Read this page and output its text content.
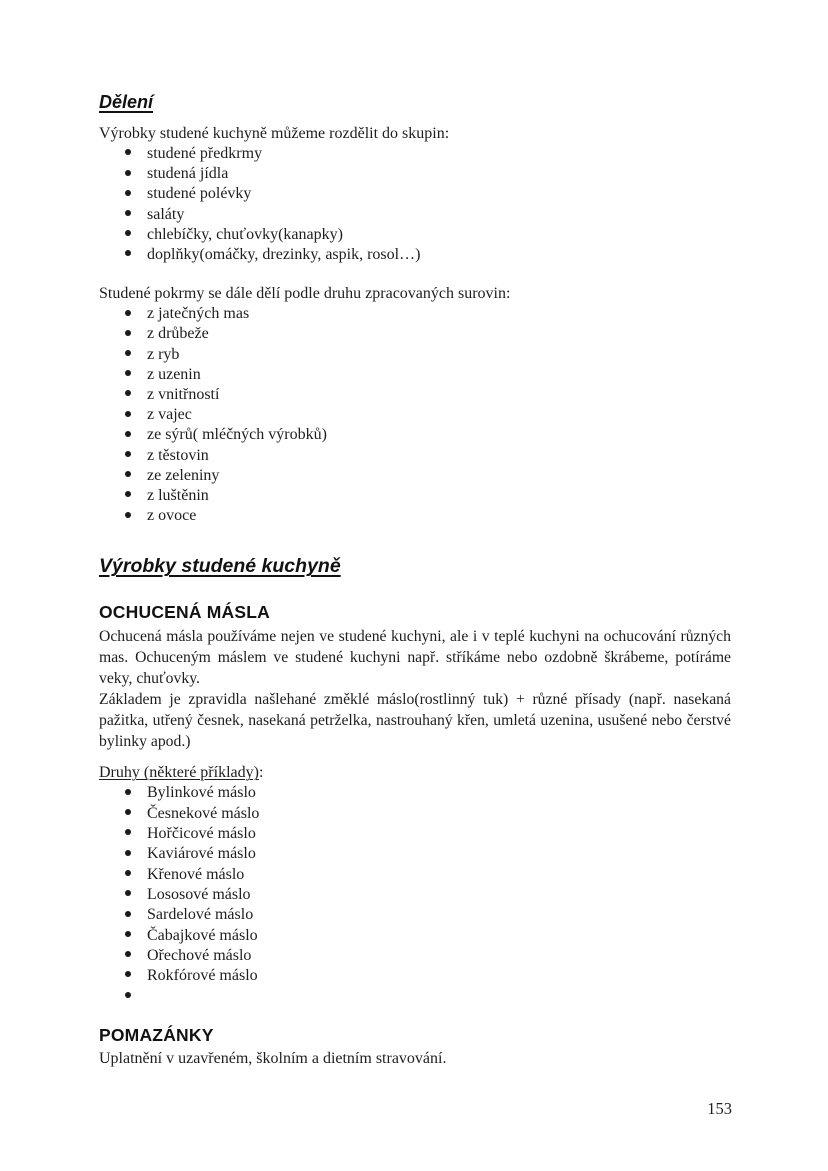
Dělení

Výrobky studené kuchyně můžeme rozdělit do skupin:

studené předkrmy
studená jídla
studené polévky
saláty
chlebíčky, chuťovky(kanapky)
doplňky(omáčky, drezinky, aspik, rosol…)

Studené pokrmy se dále dělí podle druhu zpracovaných surovin:

z jatečných mas
z drůbeže
z ryb
z uzenin
z vnitřností
z vajec
ze sýrů( mléčných výrobků)
z těstovin
ze zeleniny
z luštěnin
z ovoce
Výrobky studené kuchyně
OCHUCENÁ MÁSLA

Ochucená másla používáme nejen ve studené kuchyni, ale i v teplé kuchyni na ochucování různých mas. Ochuceným máslem ve studené kuchyni např. stříkáme nebo ozdobně škrábeme, potíráme veky, chuťovky.

Základem je zpravidla našlehané změklé máslo(rostlinný tuk) + různé přísady (např. nasekaná pažitka, utřený česnek, nasekaná petrželka, nastrouhaný křen, umletá uzenina, usušené nebo čerstvé bylinky apod.)

Druhy (některé příklady):

Bylinkové máslo
Česnekové máslo
Hořčicové máslo
Kaviárové máslo
Křenové máslo
Lososové máslo
Sardelové máslo
Čabajkové máslo
Ořechové máslo
Rokfórové máslo
POMAZÁNKY

Uplatnění v uzavřeném, školním a dietním stravování.

153
